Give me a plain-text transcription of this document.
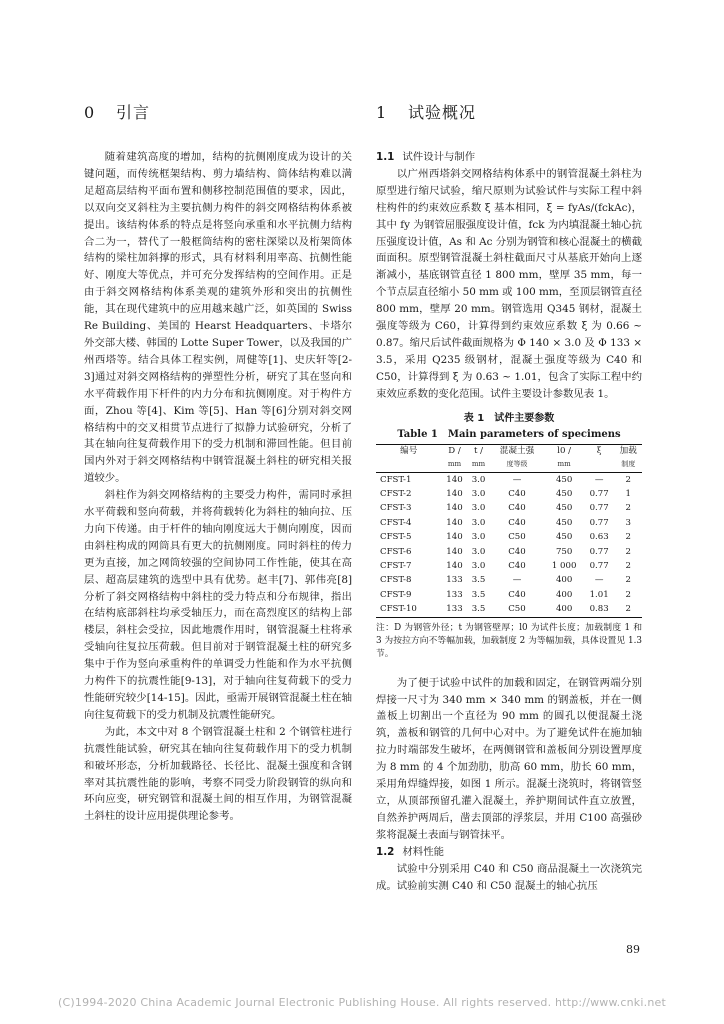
0 引言

随着建筑高度的增加，结构的抗侧刚度成为设计的关键问题，而传统框架结构、剪力墙结构、筒体结构难以满足超高层结构平面布置和侧移控制范围值的要求，因此，以双向交叉斜柱为主要抗侧力构件的斜交网格结构体系被提出。该结构体系的特点是将竖向承重和水平抗侧力结构合二为一，替代了一般框筒结构的密柱深梁以及桁架筒体结构的梁柱加斜撑的形式，具有材料利用率高、抗侧性能好、刚度大等优点，并可充分发挥结构的空间作用。正是由于斜交网格结构体系美观的建筑外形和突出的抗侧性能，其在现代建筑中的应用越来越广泛，如英国的 Swiss Re Building、美国的 Hearst Headquarters、卡塔尔外交部大楼、韩国的 Lotte Super Tower，以及我国的广州西塔等。结合具体工程实例，周健等[1]、史庆轩等[2-3]通过对斜交网格结构的弹塑性分析，研究了其在竖向和水平荷载作用下杆件的内力分布和抗侧刚度。对于构件方面，Zhou 等[4]、Kim 等[5]、Han 等[6]分别对斜交网格结构中的交叉相贯节点进行了拟静力试验研究，分析了其在轴向往复荷载作用下的受力机制和滞回性能。但目前国内外对于斜交网格结构中钢管混凝土斜柱的研究相关报道较少。

斜柱作为斜交网格结构的主要受力构件，需同时承担水平荷载和竖向荷载，并将荷载转化为斜柱的轴向拉、压力向下传递。由于杆件的轴向刚度远大于侧向刚度，因而由斜柱构成的网筒具有更大的抗侧刚度。同时斜柱的传力更为直接，加之网筒较强的空间协同工作性能，使其在高层、超高层建筑的选型中具有优势。赵丰[7]、郭伟亮[8]分析了斜交网格结构中斜柱的受力特点和分布规律，指出在结构底部斜柱均承受轴压力，而在高烈度区的结构上部楼层，斜柱会受拉，因此地震作用时，钢管混凝土柱将承受轴向往复拉压荷载。但目前对于钢管混凝土柱的研究多集中于作为竖向承重构件的单调受力性能和作为水平抗侧力构件下的抗震性能[9-13]，对于轴向往复荷载下的受力性能研究较少[14-15]。因此，亟需开展钢管混凝土柱在轴向往复荷载下的受力机制及抗震性能研究。

为此，本文中对 8 个钢管混凝土柱和 2 个钢管柱进行抗震性能试验，研究其在轴向往复荷载作用下的受力机制和破坏形态，分析加载路径、长径比、混凝土强度和含钢率对其抗震性能的影响，考察不同受力阶段钢管的纵向和环向应变，研究钢管和混凝土间的相互作用，为钢管混凝土斜柱的设计应用提供理论参考。

1 试验概况

1.1 试件设计与制作

以广州西塔斜交网格结构体系中的钢管混凝土斜柱为原型进行缩尺试验，缩尺原则为试验试件与实际工程中斜柱构件的约束效应系数 ξ 基本相同，ξ = fyAs/(fckAc)，其中 fy 为钢管屈服强度设计值，fck 为内填混凝土轴心抗压强度设计值，As 和 Ac 分别为钢管和核心混凝土的横截面面积。原型钢管混凝土斜柱截面尺寸从基底开始向上逐渐减小，基底钢管直径 1 800 mm，壁厚 35 mm，每一个节点层直径缩小 50 mm 或 100 mm，至顶层钢管直径 800 mm，壁厚 20 mm。钢管选用 Q345 钢材，混凝土强度等级为 C60，计算得到约束效应系数 ξ 为 0.66 ~ 0.87。缩尺后试件截面规格为 Φ 140 × 3.0 及 Φ 133 × 3.5，采用 Q235 级钢材，混凝土强度等级为 C40 和 C50，计算得到 ξ 为 0.63 ~ 1.01，包含了实际工程中约束效应系数的变化范围。试件主要设计参数见表 1。

表 1　试件主要参数

Table 1　Main parameters of specimens

编号	D /	t /	混凝土强	l0 /	ξ	加载
	mm	mm	度等级	mm		制度
CFST-1	140	3.0	—	450	—	2
CFST-2	140	3.0	C40	450	0.77	1
CFST-3	140	3.0	C40	450	0.77	2
CFST-4	140	3.0	C40	450	0.77	3
CFST-5	140	3.0	C50	450	0.63	2
CFST-6	140	3.0	C40	750	0.77	2
CFST-7	140	3.0	C40	1 000	0.77	2
CFST-8	133	3.5	—	400	—	2
CFST-9	133	3.5	C40	400	1.01	2
CFST-10	133	3.5	C50	400	0.83	2

注：D 为钢管外径；t 为钢管壁厚；l0 为试件长度；加载制度 1 和 3 为按拉方向不等幅加载，加载制度 2 为等幅加载，具体设置见 1.3 节。

为了便于试验中试件的加载和固定，在钢管两端分别焊接一尺寸为 340 mm × 340 mm 的钢盖板，并在一侧盖板上切割出一个直径为 90 mm 的圆孔以便混凝土浇筑，盖板和钢管的几何中心对中。为了避免试件在施加轴拉力时端部发生破坏，在两侧钢管和盖板间分别设置厚度为 8 mm 的 4 个加劲肋，肋高 60 mm，肋长 60 mm，采用角焊缝焊接，如图 1 所示。混凝土浇筑时，将钢管竖立，从顶部预留孔灌入混凝土，养护期间试件直立放置，自然养护两周后，凿去顶部的浮浆层，并用 C100 高强砂浆将混凝土表面与钢管抹平。

1.2 材料性能

试验中分别采用 C40 和 C50 商品混凝土一次浇筑完成。试验前实测 C40 和 C50 混凝土的轴心抗压

89
(C)1994-2020 China Academic Journal Electronic Publishing House. All rights reserved. http://www.cnki.net
